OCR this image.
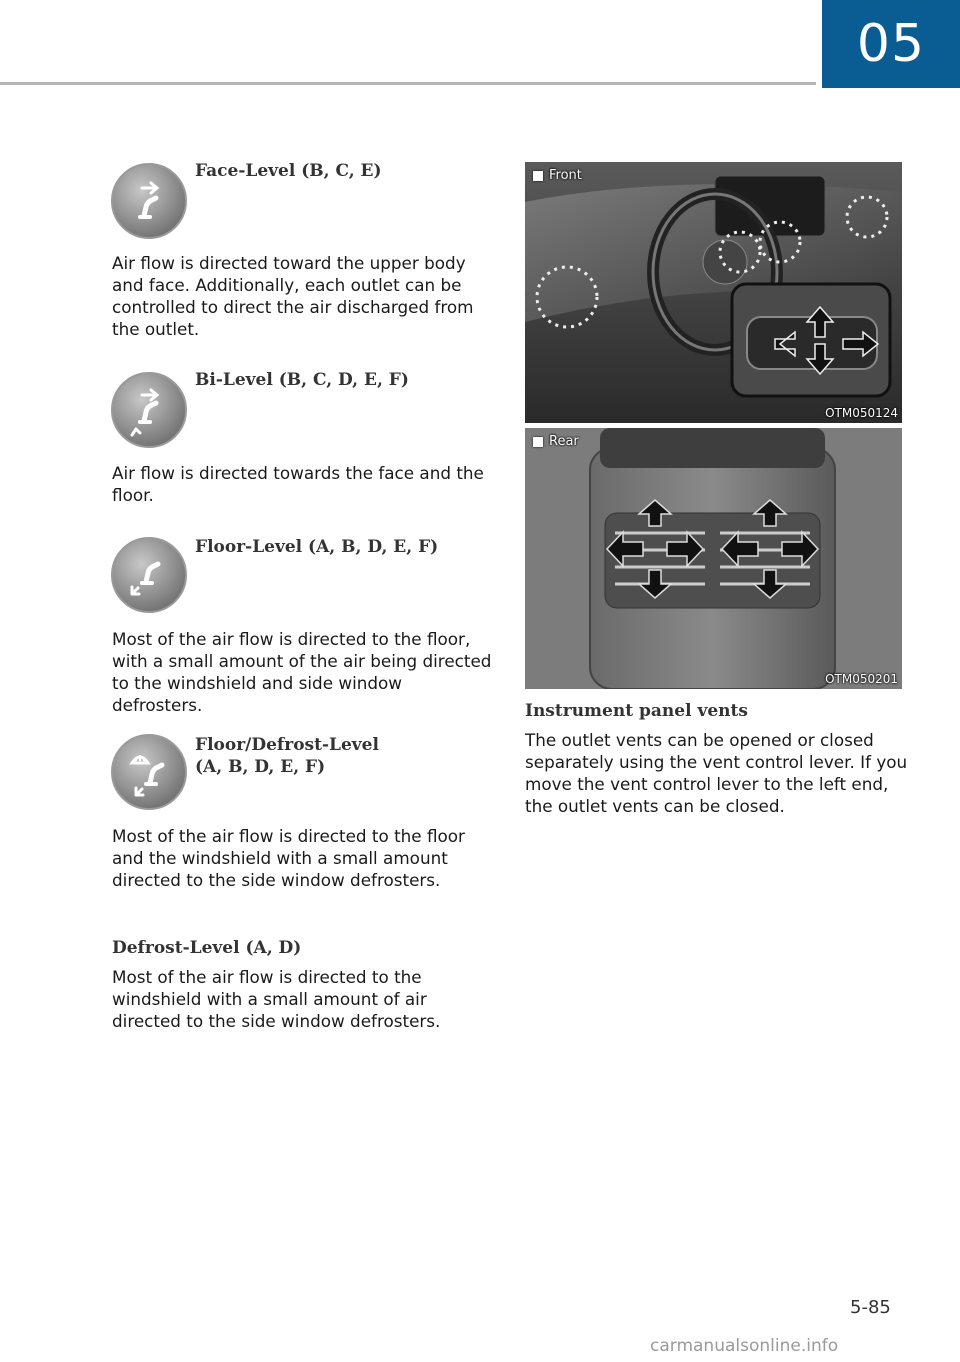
05
Face-Level (B, C, E)
Air flow is directed toward the upper body and face. Additionally, each outlet can be controlled to direct the air discharged from the outlet.
Bi-Level (B, C, D, E, F)
Air flow is directed towards the face and the floor.
Floor-Level (A, B, D, E, F)
Most of the air flow is directed to the floor, with a small amount of the air being directed to the windshield and side window defrosters.
Floor/Defrost-Level
(A, B, D, E, F)
Most of the air flow is directed to the floor and the windshield with a small amount directed to the side window defrosters.
Defrost-Level (A, D)
Most of the air flow is directed to the windshield with a small amount of air directed to the side window defrosters.
Front
OTM050124
Rear
OTM050201
Instrument panel vents
The outlet vents can be opened or closed separately using the vent control lever. If you move the vent control lever to the left end, the outlet vents can be closed.
5-85
carmanualsonline.info
